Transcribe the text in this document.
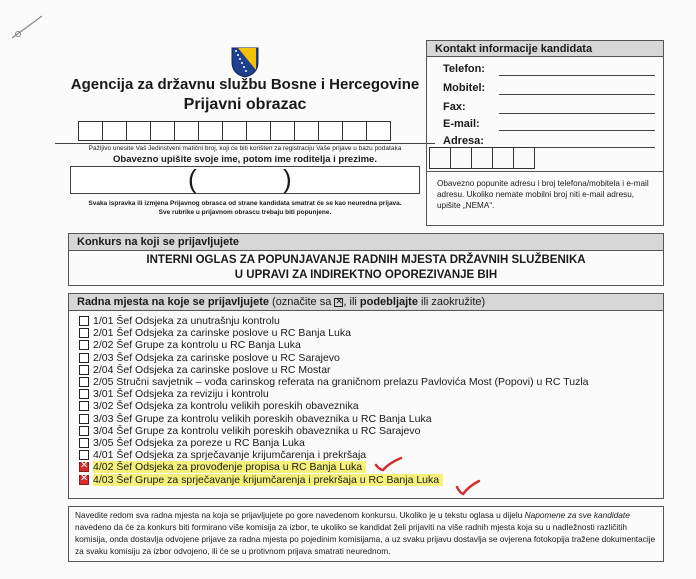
Agencija za državnu službu Bosne i Hercegovine
Prijavni obrazac
Pažljivo unesite Vaš Jedinstveni matični broj, koji će biti korišten za registraciju Vaše prijave u bazu podataka
Obavezno upišite svoje ime, potom ime roditelja i prezime.
(	)
Svaka ispravka ili izmjena Prijavnog obrasca od strane kandidata smatrat će se kao neuredna prijava.
Sve rubrike u prijavnom obrascu trebaju biti popunjene.
Kontakt informacije kandidata
Telefon:
Mobitel:
Fax:
E-mail:
Adresa:
Obavezno popunite adresu i broj telefona/mobitela i e-mail adresu. Ukoliko nemate mobilni broj niti e-mail adresu, upišite „NEMA“.
Konkurs na koji se prijavljujete
INTERNI OGLAS ZA POPUNJAVANJE RADNIH MJESTA DRŽAVNIH SLUŽBENIKA
U UPRAVI ZA INDIREKTNO OPOREZIVANJE BIH
Radna mjesta na koje se prijavljujete (označite sa ✕, ili podebljajte ili zaokružite)
1/01 Šef Odsjeka za unutrašnju kontrolu
2/01 Šef Odsjeka za carinske poslove u RC Banja Luka
2/02 Šef Grupe za kontrolu u RC Banja Luka
2/03 Šef Odsjeka za carinske poslove u RC Sarajevo
2/04 Šef Odsjeka za carinske poslove u RC Mostar
2/05 Stručni savjetnik – vođa carinskog referata na graničnom prelazu Pavlovića Most (Popovi) u RC Tuzla
3/01 Šef Odsjeka za reviziju i kontrolu
3/02 Šef Odsjeka za kontrolu velikih poreskih obaveznika
3/03 Šef Grupe za kontrolu velikih poreskih obaveznika u RC Banja Luka
3/04 Šef Grupe za kontrolu velikih poreskih obaveznika u RC Sarajevo
3/05 Šef Odsjeka za poreze u RC Banja Luka
4/01 Šef Odsjeka za sprječavanje krijumčarenja i prekršaja
✕
4/02 Šef Odsjeka za provođenje propisa u RC Banja Luka
✕
4/03 Šef Grupe za sprječavanje krijumčarenja i prekršaja u RC Banja Luka
Navedite redom sva radna mjesta na koja se prijavljujete po gore navedenom konkursu. Ukoliko je u tekstu oglasa u dijelu Napomene za sve kandidate navedeno da će za konkurs biti formirano više komisija za izbor, te ukoliko se kandidat želi prijaviti na više radnih mjesta koja su u nadležnosti različitih komisija, onda dostavlja odvojene prijave za radna mjesta po pojedinim komisijama, a uz svaku prijavu dostavlja se ovjerena fotokopija tražene dokumentacije za svaku komisiju za izbor odvojeno, ili će se u protivnom prijava smatrati neurednom.
